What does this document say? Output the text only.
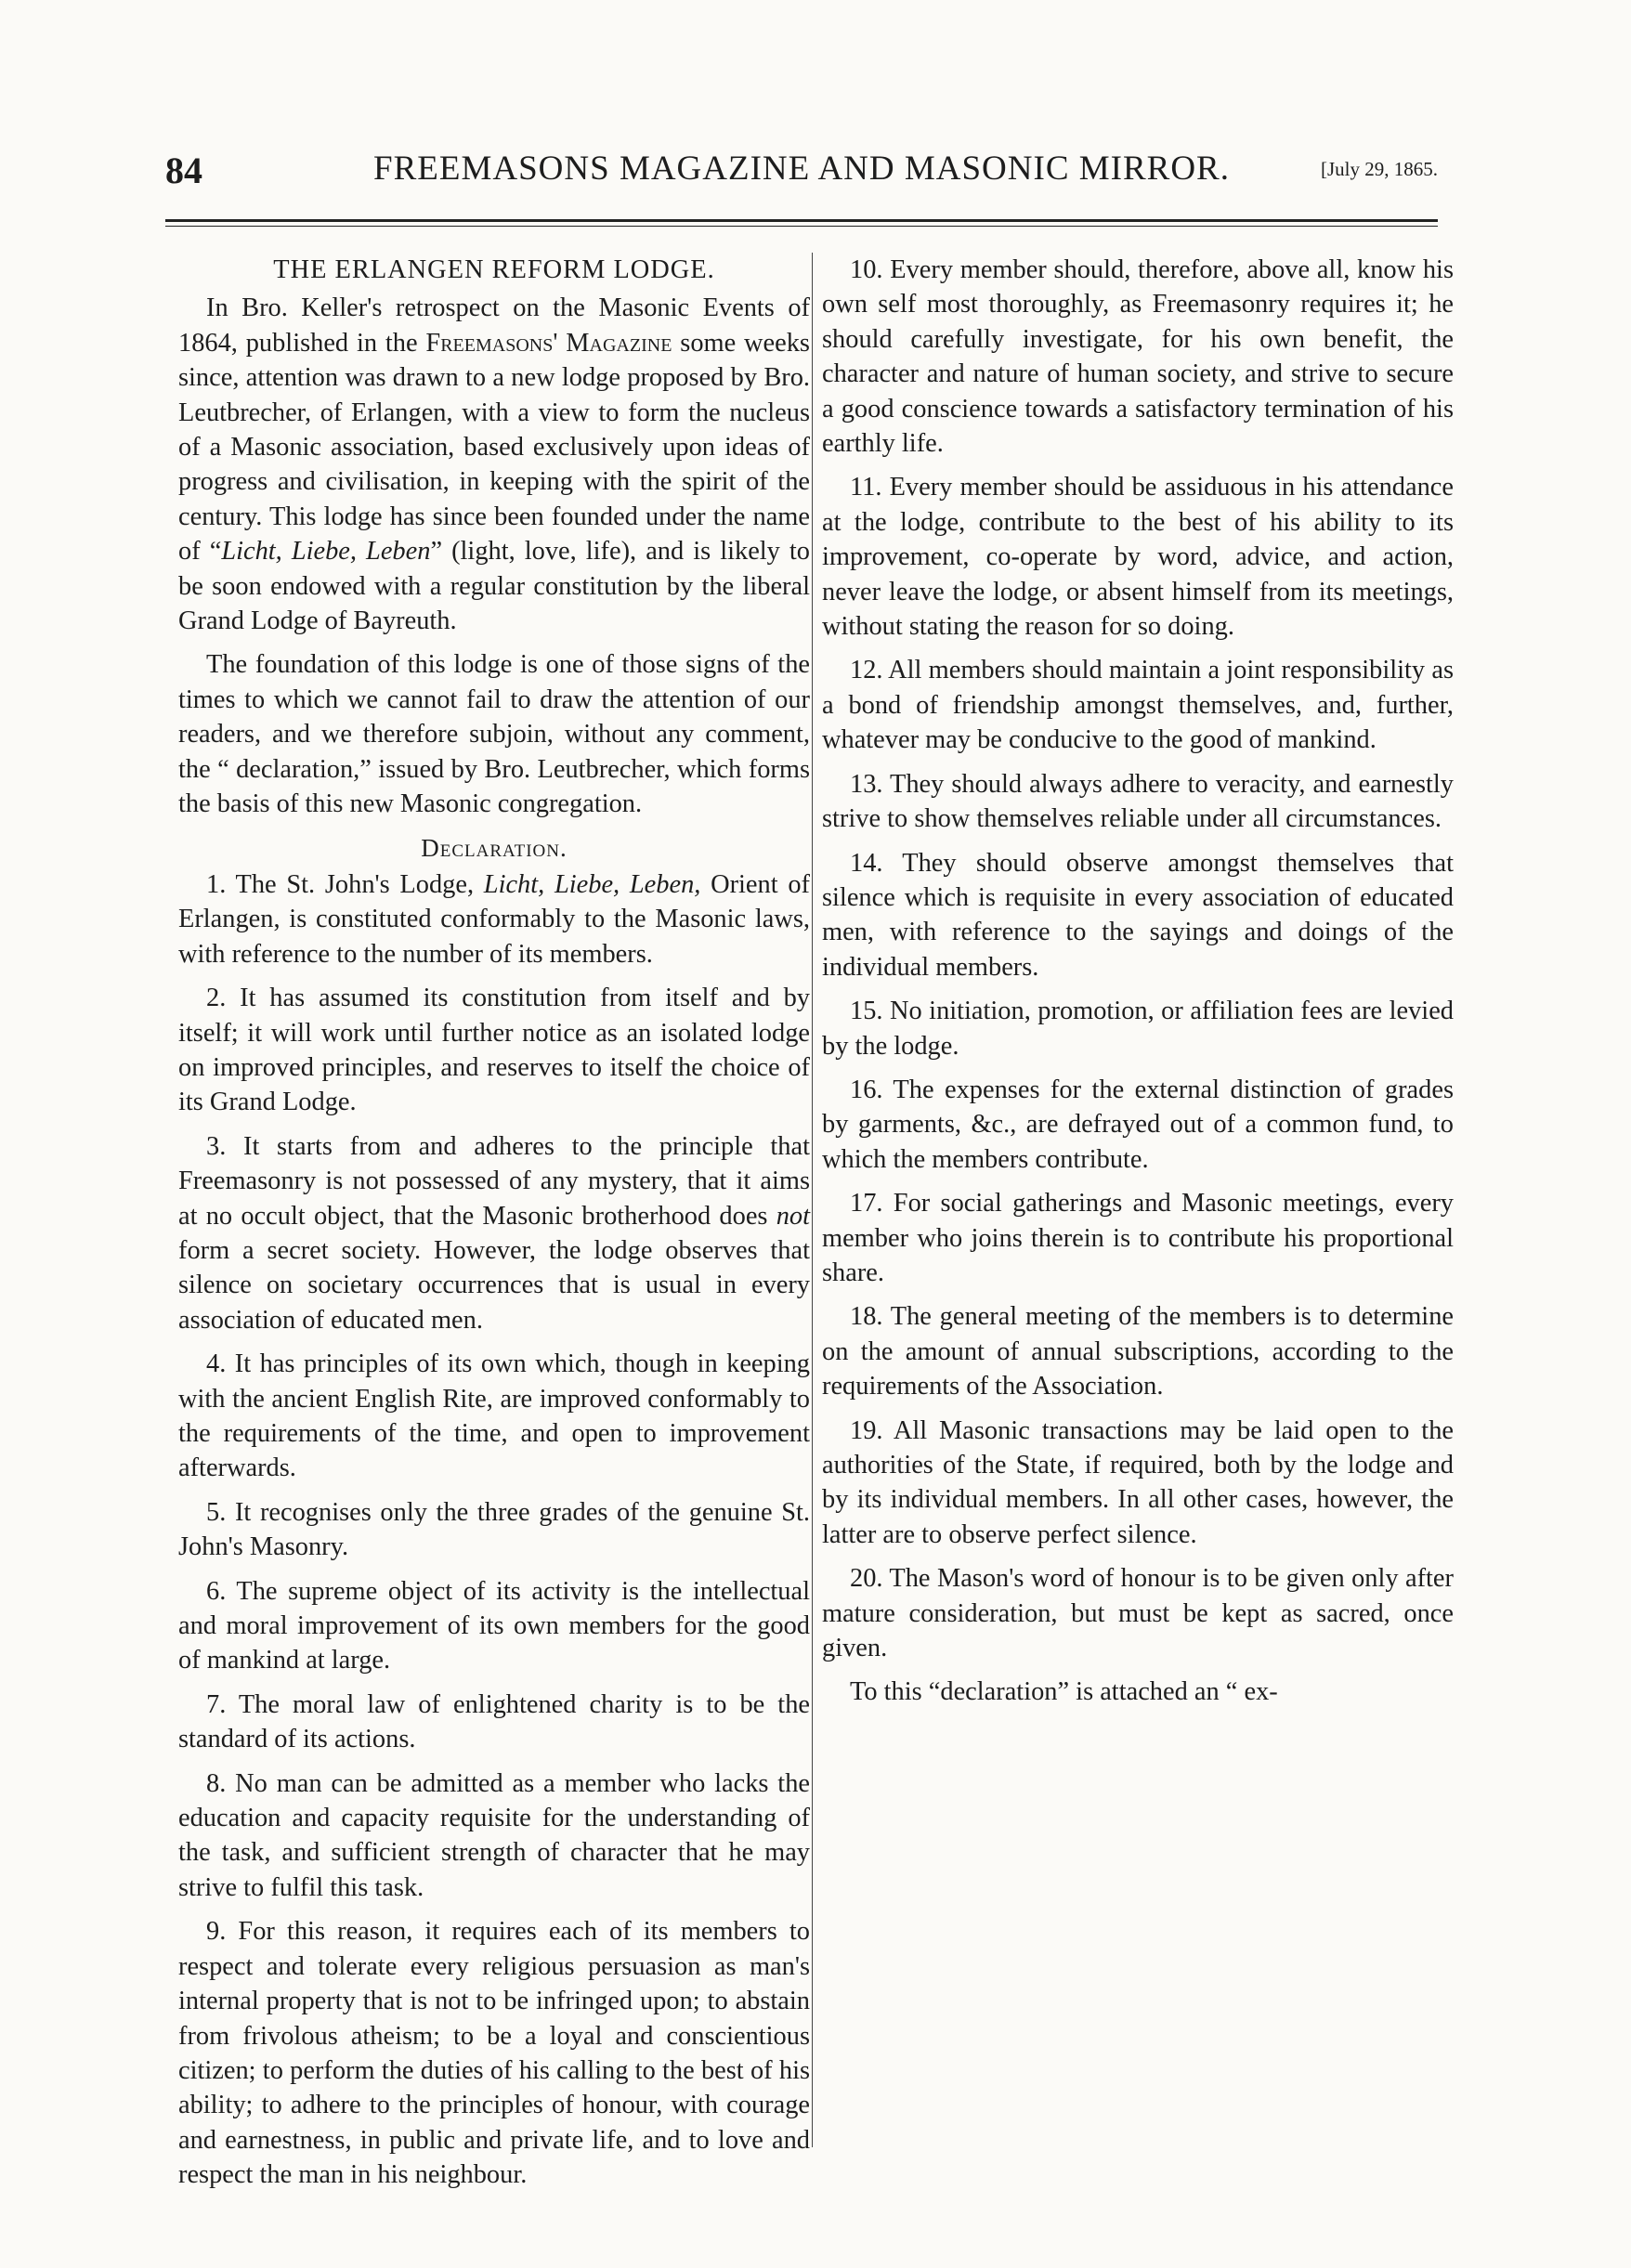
84	FREEMASONS MAGAZINE AND MASONIC MIRROR.	[July 29, 1865.
THE ERLANGEN REFORM LODGE.

In Bro. Keller's retrospect on the Masonic Events of 1864, published in the Freemasons' Magazine some weeks since, attention was drawn to a new lodge proposed by Bro. Leutbrecher, of Erlangen, with a view to form the nucleus of a Masonic association, based exclusively upon ideas of progress and civilisation, in keeping with the spirit of the century. This lodge has since been founded under the name of “Licht, Liebe, Leben” (light, love, life), and is likely to be soon endowed with a regular constitution by the liberal Grand Lodge of Bayreuth.

The foundation of this lodge is one of those signs of the times to which we cannot fail to draw the attention of our readers, and we therefore subjoin, without any comment, the “ declaration,” issued by Bro. Leutbrecher, which forms the basis of this new Masonic congregation.

Declaration.

1. The St. John's Lodge, Licht, Liebe, Leben, Orient of Erlangen, is constituted conformably to the Masonic laws, with reference to the number of its members.

2. It has assumed its constitution from itself and by itself; it will work until further notice as an isolated lodge on improved principles, and reserves to itself the choice of its Grand Lodge.

3. It starts from and adheres to the principle that Freemasonry is not possessed of any mystery, that it aims at no occult object, that the Masonic brotherhood does not form a secret society. However, the lodge observes that silence on societary occurrences that is usual in every association of educated men.

4. It has principles of its own which, though in keeping with the ancient English Rite, are improved conformably to the requirements of the time, and open to improvement afterwards.

5. It recognises only the three grades of the genuine St. John's Masonry.

6. The supreme object of its activity is the intellectual and moral improvement of its own members for the good of mankind at large.

7. The moral law of enlightened charity is to be the standard of its actions.

8. No man can be admitted as a member who lacks the education and capacity requisite for the understanding of the task, and sufficient strength of character that he may strive to fulfil this task.

9. For this reason, it requires each of its members to respect and tolerate every religious persuasion as man's internal property that is not to be infringed upon; to abstain from frivolous atheism; to be a loyal and conscientious citizen; to perform the duties of his calling to the best of his ability; to adhere to the principles of honour, with courage and earnestness, in public and private life, and to love and respect the man in his neighbour.

10. Every member should, therefore, above all, know his own self most thoroughly, as Freemasonry requires it; he should carefully investigate, for his own benefit, the character and nature of human society, and strive to secure a good conscience towards a satisfactory termination of his earthly life.

11. Every member should be assiduous in his attendance at the lodge, contribute to the best of his ability to its improvement, co-operate by word, advice, and action, never leave the lodge, or absent himself from its meetings, without stating the reason for so doing.

12. All members should maintain a joint responsibility as a bond of friendship amongst themselves, and, further, whatever may be conducive to the good of mankind.

13. They should always adhere to veracity, and earnestly strive to show themselves reliable under all circumstances.

14. They should observe amongst themselves that silence which is requisite in every association of educated men, with reference to the sayings and doings of the individual members.

15. No initiation, promotion, or affiliation fees are levied by the lodge.

16. The expenses for the external distinction of grades by garments, &c., are defrayed out of a common fund, to which the members contribute.

17. For social gatherings and Masonic meetings, every member who joins therein is to contribute his proportional share.

18. The general meeting of the members is to determine on the amount of annual subscriptions, according to the requirements of the Association.

19. All Masonic transactions may be laid open to the authorities of the State, if required, both by the lodge and by its individual members. In all other cases, however, the latter are to observe perfect silence.

20. The Mason's word of honour is to be given only after mature consideration, but must be kept as sacred, once given.

To this “declaration” is attached an “ ex-
